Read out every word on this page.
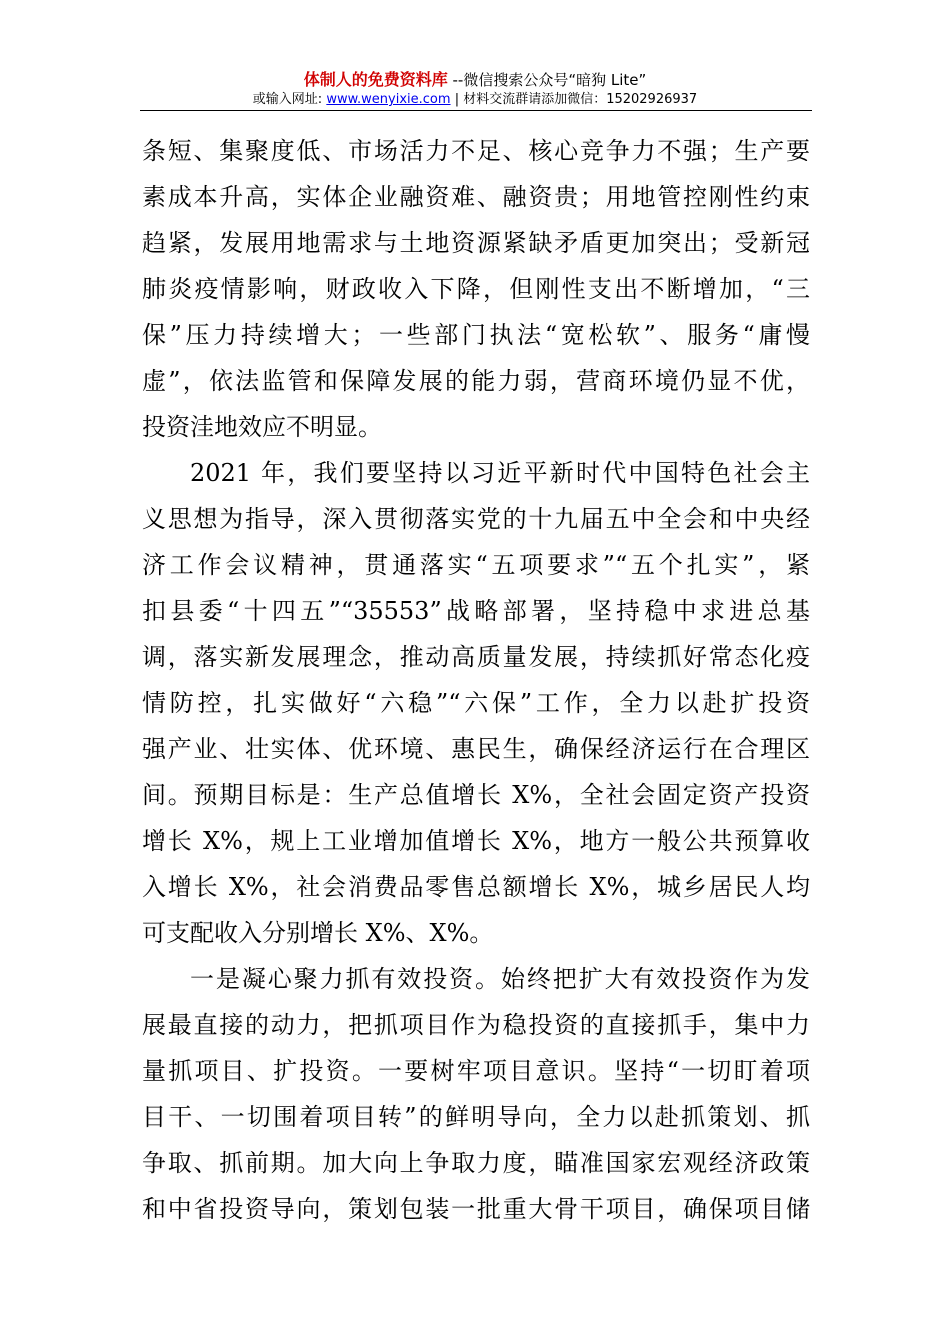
体制人的免费资料库 --微信搜索公众号“暗狗 Lite”
或输入网址: www.wenyixie.com | 材料交流群请添加微信：15202926937
条短、集聚度低、市场活力不足、核心竞争力不强；生产要
素成本升高，实体企业融资难、融资贵；用地管控刚性约束
趋紧，发展用地需求与土地资源紧缺矛盾更加突出；受新冠
肺炎疫情影响，财政收入下降，但刚性支出不断增加，“三
保”压力持续增大；一些部门执法“宽松软”、服务“庸慢
虚”，依法监管和保障发展的能力弱，营商环境仍显不优，
投资洼地效应不明显。
2021 年，我们要坚持以习近平新时代中国特色社会主
义思想为指导，深入贯彻落实党的十九届五中全会和中央经
济工作会议精神，贯通落实“五项要求”“五个扎实”，紧
扣县委“十四五”“35553”战略部署，坚持稳中求进总基
调，落实新发展理念，推动高质量发展，持续抓好常态化疫
情防控，扎实做好“六稳”“六保”工作，全力以赴扩投资
强产业、壮实体、优环境、惠民生，确保经济运行在合理区
间。预期目标是：生产总值增长 X%，全社会固定资产投资
增长 X%，规上工业增加值增长 X%，地方一般公共预算收
入增长 X%，社会消费品零售总额增长 X%，城乡居民人均
可支配收入分别增长 X%、X%。
一是凝心聚力抓有效投资。始终把扩大有效投资作为发
展最直接的动力，把抓项目作为稳投资的直接抓手，集中力
量抓项目、扩投资。一要树牢项目意识。坚持“一切盯着项
目干、一切围着项目转”的鲜明导向，全力以赴抓策划、抓
争取、抓前期。加大向上争取力度，瞄准国家宏观经济政策
和中省投资导向，策划包装一批重大骨干项目，确保项目储
